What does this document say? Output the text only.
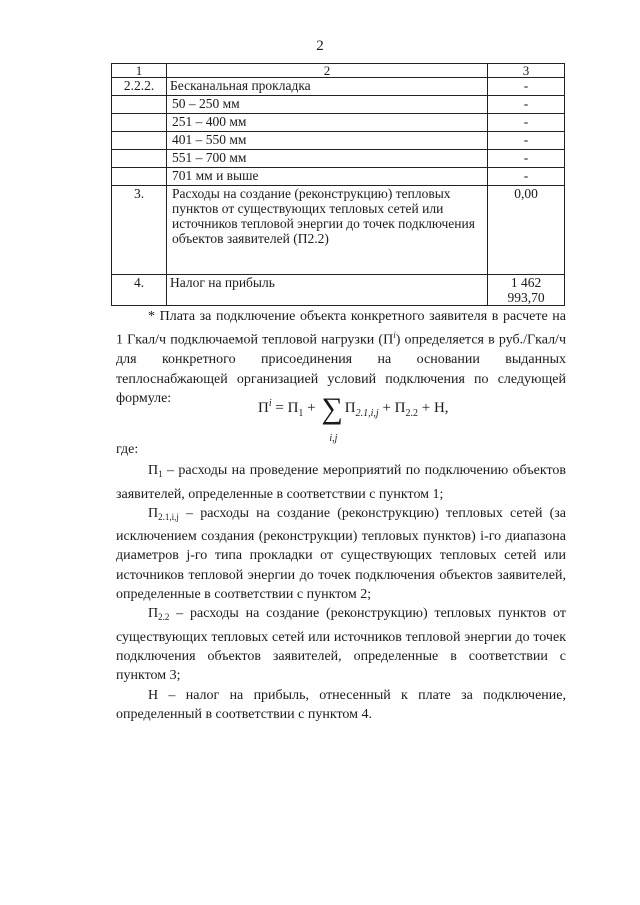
2
1	2	3
2.2.2.	Бесканальная прокладка	-
	50 – 250 мм	-
	251 – 400 мм	-
	401 – 550 мм	-
	551 – 700 мм	-
	701 мм и выше	-
3.	Расходы на создание (реконструкцию) тепловых пунктов от существующих тепловых сетей или источников тепловой энергии до точек подключения объектов заявителей (П2.2)	0,00
4.	Налог на прибыль	1 462 993,70

* Плата за подключение объекта конкретного заявителя в расчете на 1 Гкал/ч подключаемой тепловой нагрузки $(П^i)$ определяется в руб./Гкал/ч для конкретного присоединения на основании выданных теплоснабжающей организацией условий подключения по следующей формуле:

$П^i = П_1$ + ∑
i,j
$П_{2.1,i,j} + П_{2.2} + Н$,

где:

$П_1$ – расходы на проведение мероприятий по подключению объектов заявителей, определенные в соответствии с пунктом 1;

$П_{2.1,i,j}$ – расходы на создание (реконструкцию) тепловых сетей (за исключением создания (реконструкции) тепловых пунктов) i-го диапазона диаметров j-го типа прокладки от существующих тепловых сетей или источников тепловой энергии до точек подключения объектов заявителей, определенные в соответствии с пунктом 2;

$П_{2.2}$ – расходы на создание (реконструкцию) тепловых пунктов от существующих тепловых сетей или источников тепловой энергии до точек подключения объектов заявителей, определенные в соответствии с пунктом 3;

Н – налог на прибыль, отнесенный к плате за подключение, определенный в соответствии с пунктом 4.
